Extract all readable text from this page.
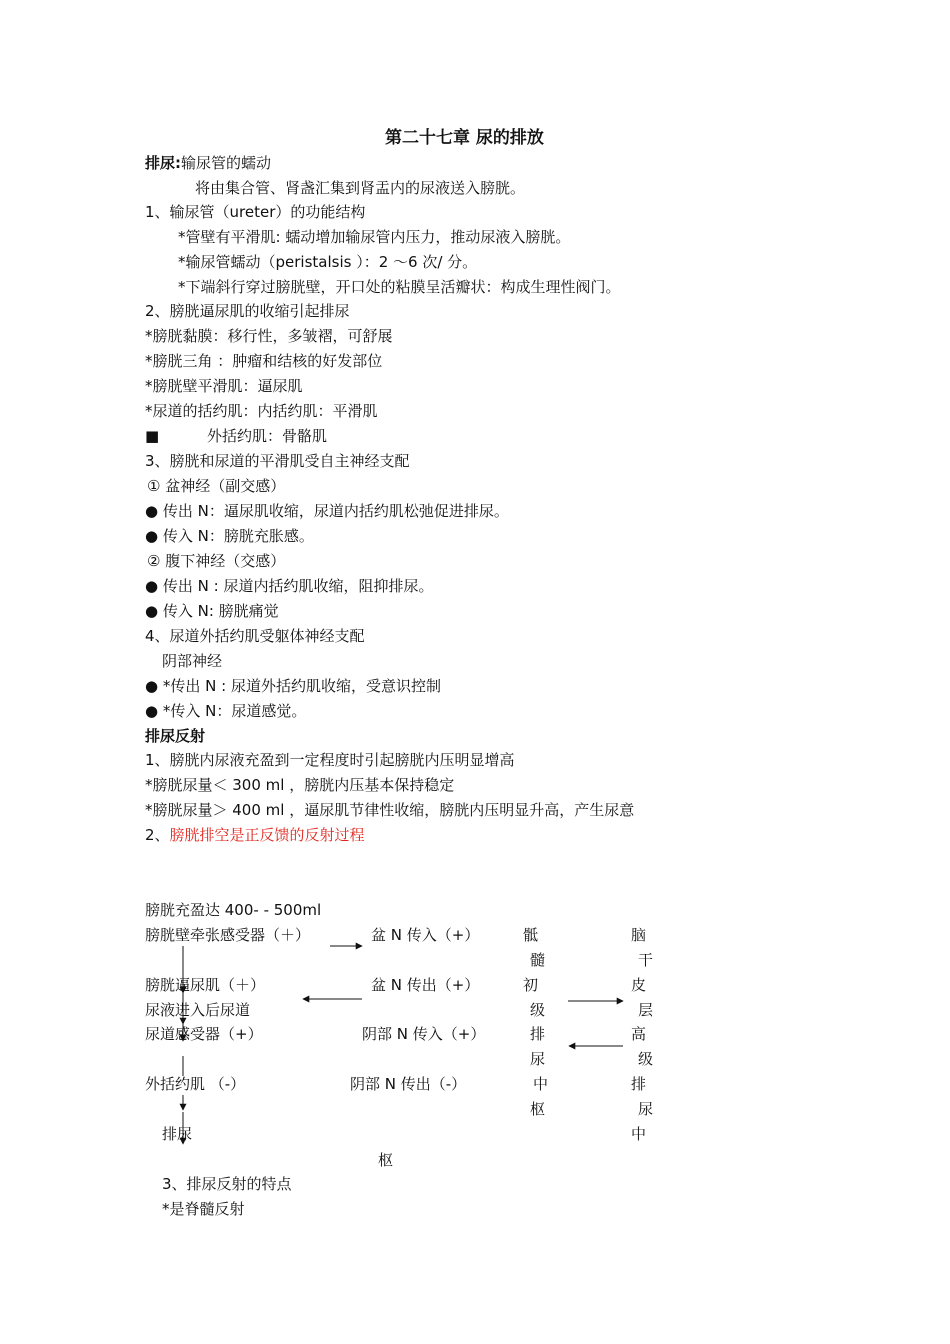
第二十七章 尿的排放
排尿:输尿管的蠕动
将由集合管、肾盏汇集到肾盂内的尿液送入膀胱。
1、输尿管（ureter）的功能结构
*管壁有平滑肌: 蠕动增加输尿管内压力，推动尿液入膀胱。
*输尿管蠕动（peristalsis ）：2 ～6 次/ 分。
*下端斜行穿过膀胱壁，开口处的粘膜呈活瓣状：构成生理性阀门。
2、膀胱逼尿肌的收缩引起排尿
*膀胱黏膜：移行性，多皱褶，可舒展
*膀胱三角 ：肿瘤和结核的好发部位
*膀胱壁平滑肌：逼尿肌
*尿道的括约肌：内括约肌：平滑肌
■	外括约肌：骨骼肌
3、膀胱和尿道的平滑肌受自主神经支配
① 盆神经（副交感）
● 传出 N：逼尿肌收缩，尿道内括约肌松弛促进排尿。
● 传入 N：膀胱充胀感。
② 腹下神经（交感）
● 传出 N : 尿道内括约肌收缩，阻抑排尿。
● 传入 N: 膀胱痛觉
4、尿道外括约肌受躯体神经支配
阴部神经
● *传出 N : 尿道外括约肌收缩，受意识控制
● *传入 N：尿道感觉。
排尿反射
1、膀胱内尿液充盈到一定程度时引起膀胱内压明显增高
*膀胱尿量＜ 300 ml ，膀胱内压基本保持稳定
*膀胱尿量＞ 400 ml ，逼尿肌节律性收缩，膀胱内压明显升高，产生尿意
2、膀胱排空是正反馈的反射过程
膀胱充盈达 400- - 500ml
膀胱壁牵张感受器（＋）
膀胱逼尿肌（＋）
尿液进入后尿道
尿道感受器（+）
外括约肌 （-）
排尿
盆 N 传入（+）
盆 N 传出（+）
阴部 N 传入（+）
阴部 N 传出（-）
枢
骶
髓
初
级
排
尿
中
枢
脑
干
皮
层
高
级
排
尿
中
3、排尿反射的特点
*是脊髓反射
